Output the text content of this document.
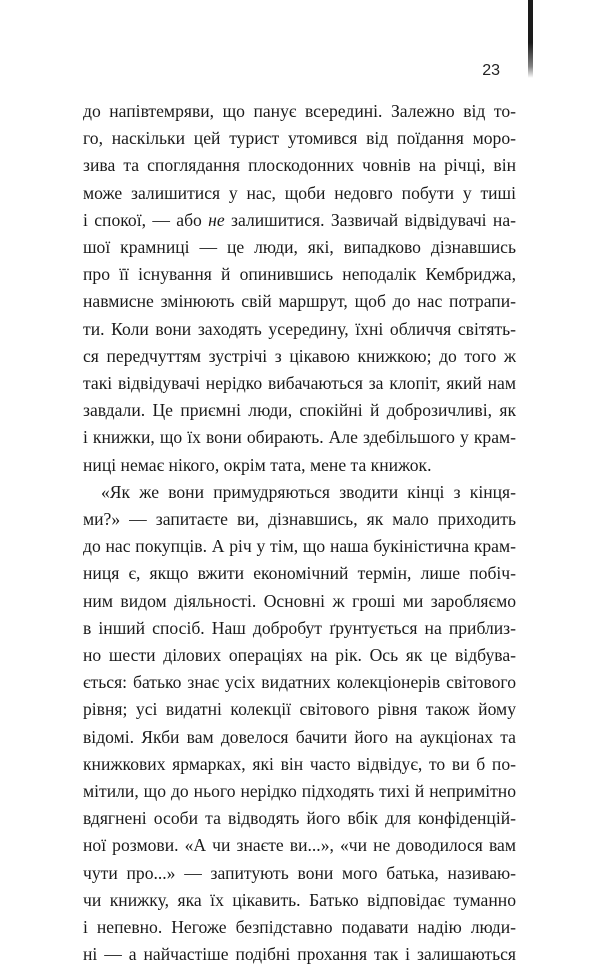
23

до напівтемряви, що панує всередині. Залежно від то-
го, наскільки цей турист утомився від поїдання моро-
зива та споглядання плоскодонних човнів на річці, він
може залишитися у нас, щоби недовго побути у тиші
і спокої, — або не залишитися. Зазвичай відвідувачі на-
шої крамниці — це люди, які, випадково дізнавшись
про її існування й опинившись неподалік Кембриджа,
навмисне змінюють свій маршрут, щоб до нас потрапи-
ти. Коли вони заходять усередину, їхні обличчя світять-
ся передчуттям зустрічі з цікавою книжкою; до того ж
такі відвідувачі нерідко вибачаються за клопіт, який нам
завдали. Це приємні люди, спокійні й доброзичливі, як
і книжки, що їх вони обирають. Але здебільшого у крам-
ниці немає нікого, окрім тата, мене та книжок.

«Як же вони примудряються зводити кінці з кінця-
ми?» — запитаєте ви, дізнавшись, як мало приходить
до нас покупців. А річ у тім, що наша букіністична крам-
ниця є, якщо вжити економічний термін, лише побіч-
ним видом діяльності. Основні ж гроші ми заробляємо
в інший спосіб. Наш добробут ґрунтується на приблиз-
но шести ділових операціях на рік. Ось як це відбува-
ється: батько знає усіх видатних колекціонерів світового
рівня; усі видатні колекції світового рівня також йому
відомі. Якби вам довелося бачити його на аукціонах та
книжкових ярмарках, які він часто відвідує, то ви б по-
мітили, що до нього нерідко підходять тихі й непримітно
вдягнені особи та відводять його вбік для конфіденцій-
ної розмови. «А чи знаєте ви...», «чи не доводилося вам
чути про...» — запитують вони мого батька, називаю-
чи книжку, яка їх цікавить. Батько відповідає туманно
і непевно. Негоже безпідставно подавати надію люди-
ні — а найчастіше подібні прохання так і залишаються
